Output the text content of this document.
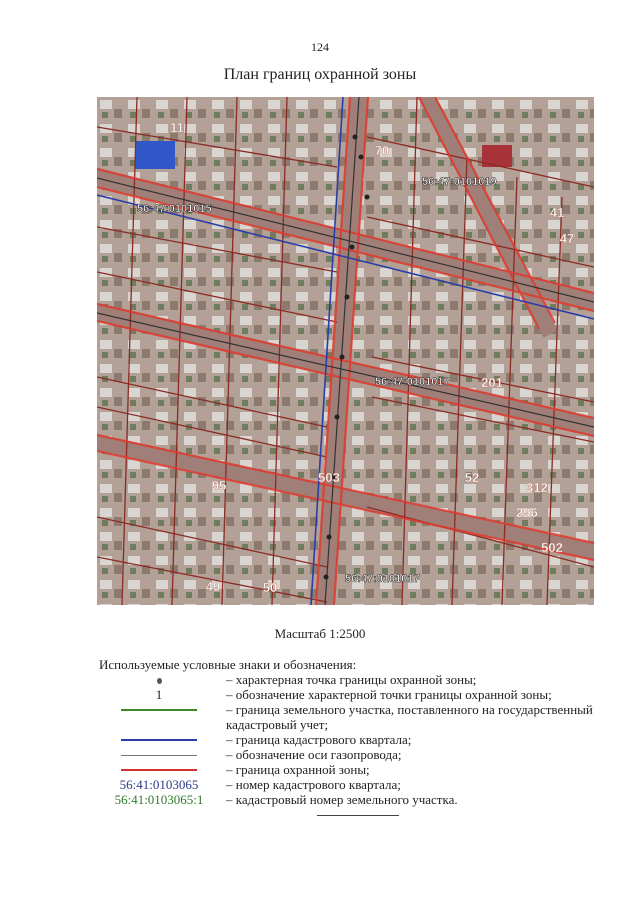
124
План границ охранной зоны
11
70
41
47
95
503
502
50
49
52
201
312
296
56:47:0101015
56:47:0101019
56:47:0101017
56:47:0101017
Масштаб 1:2500
Используемые условные знаки и обозначения:
– характерная точка границы охранной зоны;
1	– обозначение характерной точки границы охранной зоны;
– граница земельного участка, поставленного на государственный кадастровый учет;
– граница кадастрового квартала;
– обозначение оси газопровода;
– граница охранной зоны;
56:41:0103065	– номер кадастрового квартала;
56:41:0103065:1	– кадастровый номер земельного участка.
